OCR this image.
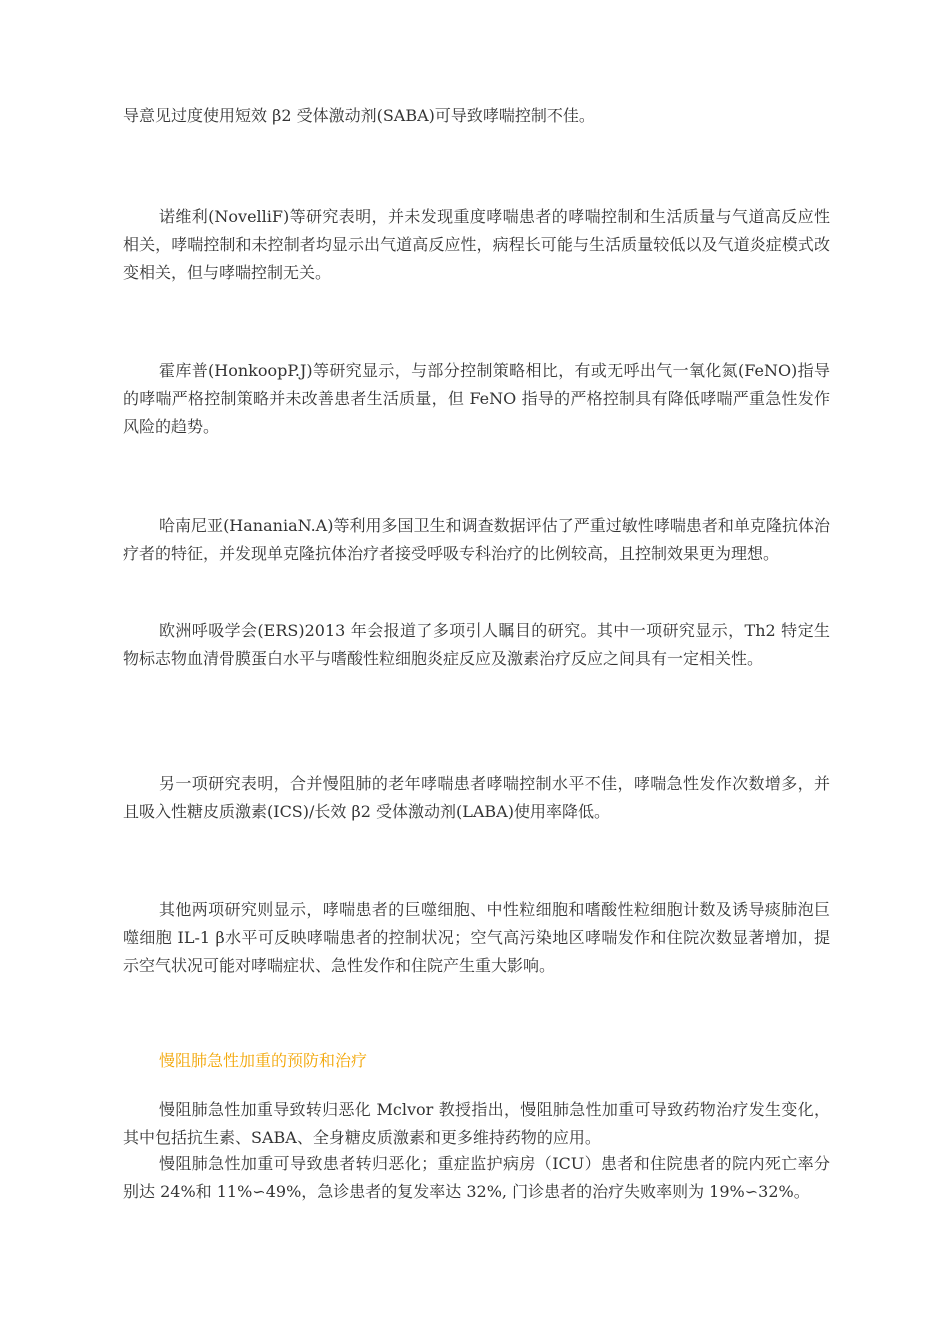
导意见过度使用短效 β2 受体激动剂(SABA)可导致哮喘控制不佳。

诺维利(NovelliF)等研究表明，并未发现重度哮喘患者的哮喘控制和生活质量与气道高反应性相关，哮喘控制和未控制者均显示出气道高反应性，病程长可能与生活质量较低以及气道炎症模式改变相关，但与哮喘控制无关。

霍库普(HonkoopP.J)等研究显示，与部分控制策略相比，有或无呼出气一氧化氮(FeNO)指导的哮喘严格控制策略并未改善患者生活质量，但 FeNO 指导的严格控制具有降低哮喘严重急性发作风险的趋势。

哈南尼亚(HananiaN.A)等利用多国卫生和调查数据评估了严重过敏性哮喘患者和单克隆抗体治疗者的特征，并发现单克隆抗体治疗者接受呼吸专科治疗的比例较高，且控制效果更为理想。

欧洲呼吸学会(ERS)2013 年会报道了多项引人瞩目的研究。其中一项研究显示，Th2 特定生物标志物血清骨膜蛋白水平与嗜酸性粒细胞炎症反应及激素治疗反应之间具有一定相关性。

另一项研究表明，合并慢阻肺的老年哮喘患者哮喘控制水平不佳，哮喘急性发作次数增多，并且吸入性糖皮质激素(ICS)/长效 β2 受体激动剂(LABA)使用率降低。

其他两项研究则显示，哮喘患者的巨噬细胞、中性粒细胞和嗜酸性粒细胞计数及诱导痰肺泡巨噬细胞 IL-1 β水平可反映哮喘患者的控制状况；空气高污染地区哮喘发作和住院次数显著增加，提示空气状况可能对哮喘症状、急性发作和住院产生重大影响。

慢阻肺急性加重的预防和治疗

慢阻肺急性加重导致转归恶化 Mclvor 教授指出，慢阻肺急性加重可导致药物治疗发生变化，其中包括抗生素、SABA、全身糖皮质激素和更多维持药物的应用。

慢阻肺急性加重可导致患者转归恶化；重症监护病房（ICU）患者和住院患者的院内死亡率分别达 24%和 11%∽49%，急诊患者的复发率达 32%, 门诊患者的治疗失败率则为 19%∽32%。
